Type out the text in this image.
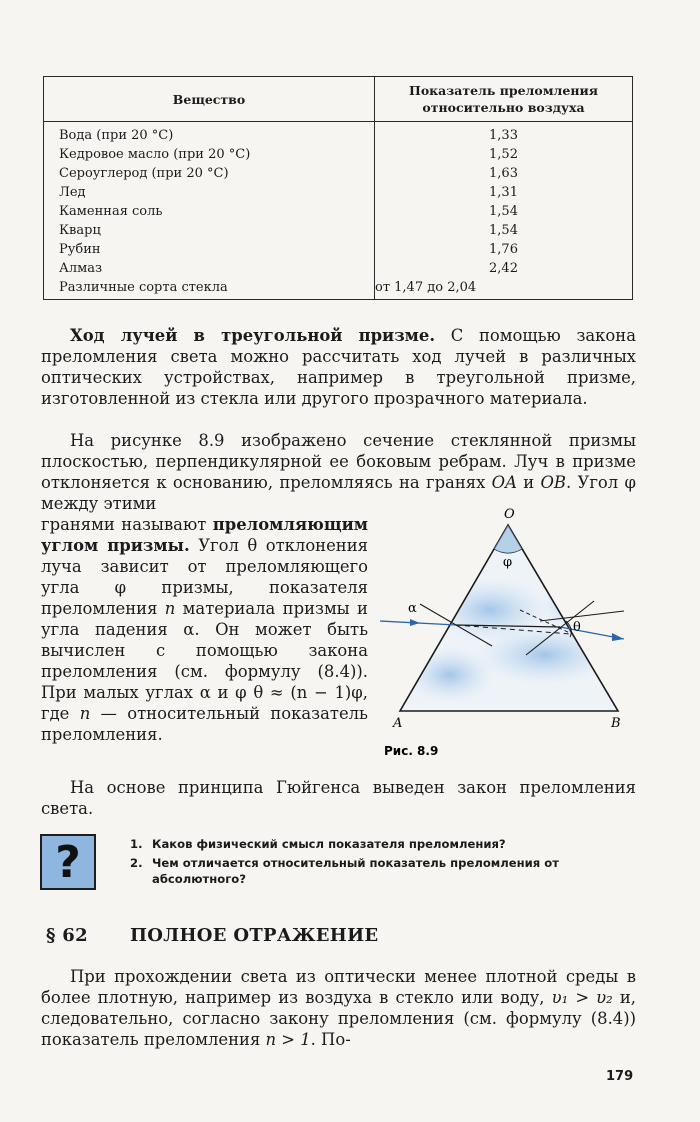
Вещество	Показатель преломления
относительно воздуха
Вода (при 20 °С)	1,33
Кедровое масло (при 20 °С)	1,52
Сероуглерод (при 20 °С)	1,63
Лед	1,31
Каменная соль	1,54
Кварц	1,54
Рубин	1,76
Алмаз	2,42
Различные сорта стекла	от 1,47 до 2,04

Ход лучей в треугольной призме. С помощью закона преломления света можно рассчитать ход лучей в различных оптических устройствах, например в треугольной призме, изготовленной из стекла или другого прозрачного материала.

На рисунке 8.9 изображено сечение стеклянной призмы плоскостью, перпендикулярной ее боковым ребрам. Луч в призме отклоняется к основанию, преломляясь на гранях OA и OB. Угол φ между этими

гранями называют преломляющим углом призмы. Угол θ отклонения луча зависит от преломляющего угла φ призмы, показателя преломления n материала призмы и угла падения α. Он может быть вычислен с помощью закона преломления (см. формулу (8.4)). При малых углах α и φ θ ≈ (n − 1)φ, где n — относительный показатель преломления.

O
A	B
φ
α
θ
Рис. 8.9

На основе принципа Гюйгенса выведен закон преломления света.

?	1. Каков физический смысл показателя преломления?
2. Чем отличается относительный показатель преломления от абсолютного?
§ 62 ПОЛНОЕ ОТРАЖЕНИЕ

При прохождении света из оптически менее плотной среды в более плотную, например из воздуха в стекло или воду, υ₁ > υ₂ и, следовательно, согласно закону преломления (см. формулу (8.4)) показатель преломления n > 1. По-

179
